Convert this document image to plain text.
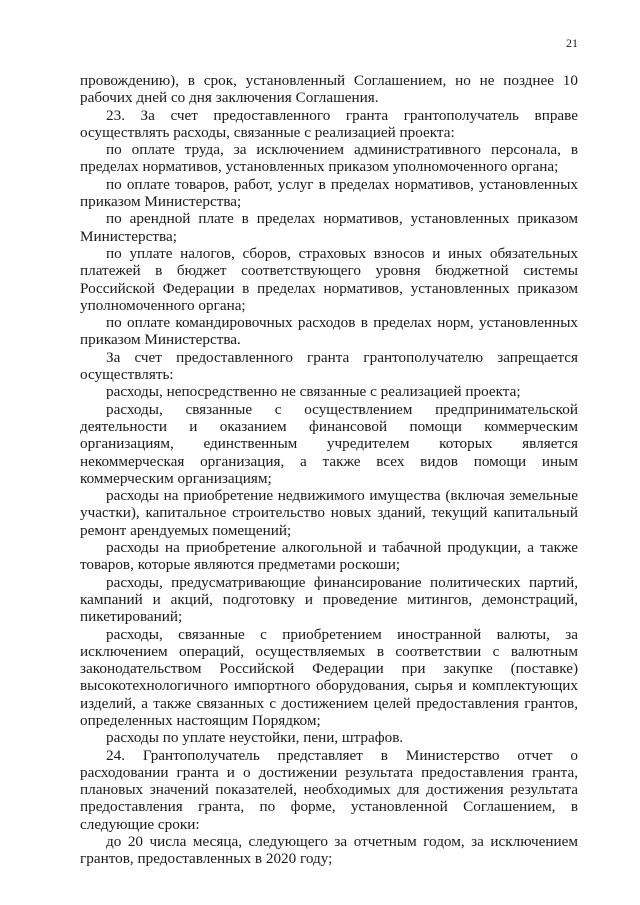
21

провождению), в срок, установленный Соглашением, но не позднее 10 рабочих дней со дня заключения Соглашения.

23. За счет предоставленного гранта грантополучатель вправе осуществлять расходы, связанные с реализацией проекта:

по оплате труда, за исключением административного персонала, в пределах нормативов, установленных приказом уполномоченного органа;

по оплате товаров, работ, услуг в пределах нормативов, установленных приказом Министерства;

по арендной плате в пределах нормативов, установленных приказом Министерства;

по уплате налогов, сборов, страховых взносов и иных обязательных платежей в бюджет соответствующего уровня бюджетной системы Российской Федерации в пределах нормативов, установленных приказом уполномоченного органа;

по оплате командировочных расходов в пределах норм, установленных приказом Министерства.

За счет предоставленного гранта грантополучателю запрещается осуществлять:

расходы, непосредственно не связанные с реализацией проекта;

расходы, связанные с осуществлением предпринимательской деятельности и оказанием финансовой помощи коммерческим организациям, единственным учредителем которых является некоммерческая организация, а также всех видов помощи иным коммерческим организациям;

расходы на приобретение недвижимого имущества (включая земельные участки), капитальное строительство новых зданий, текущий капитальный ремонт арендуемых помещений;

расходы на приобретение алкогольной и табачной продукции, а также товаров, которые являются предметами роскоши;

расходы, предусматривающие финансирование политических партий, кампаний и акций, подготовку и проведение митингов, демонстраций, пикетирований;

расходы, связанные с приобретением иностранной валюты, за исключением операций, осуществляемых в соответствии с валютным законодательством Российской Федерации при закупке (поставке) высокотехнологичного импортного оборудования, сырья и комплектующих изделий, а также связанных с достижением целей предоставления грантов, определенных настоящим Порядком;

расходы по уплате неустойки, пени, штрафов.

24. Грантополучатель представляет в Министерство отчет о расходовании гранта и о достижении результата предоставления гранта, плановых значений показателей, необходимых для достижения результата предоставления гранта, по форме, установленной Соглашением, в следующие сроки:

до 20 числа месяца, следующего за отчетным годом, за исключением грантов, предоставленных в 2020 году;
